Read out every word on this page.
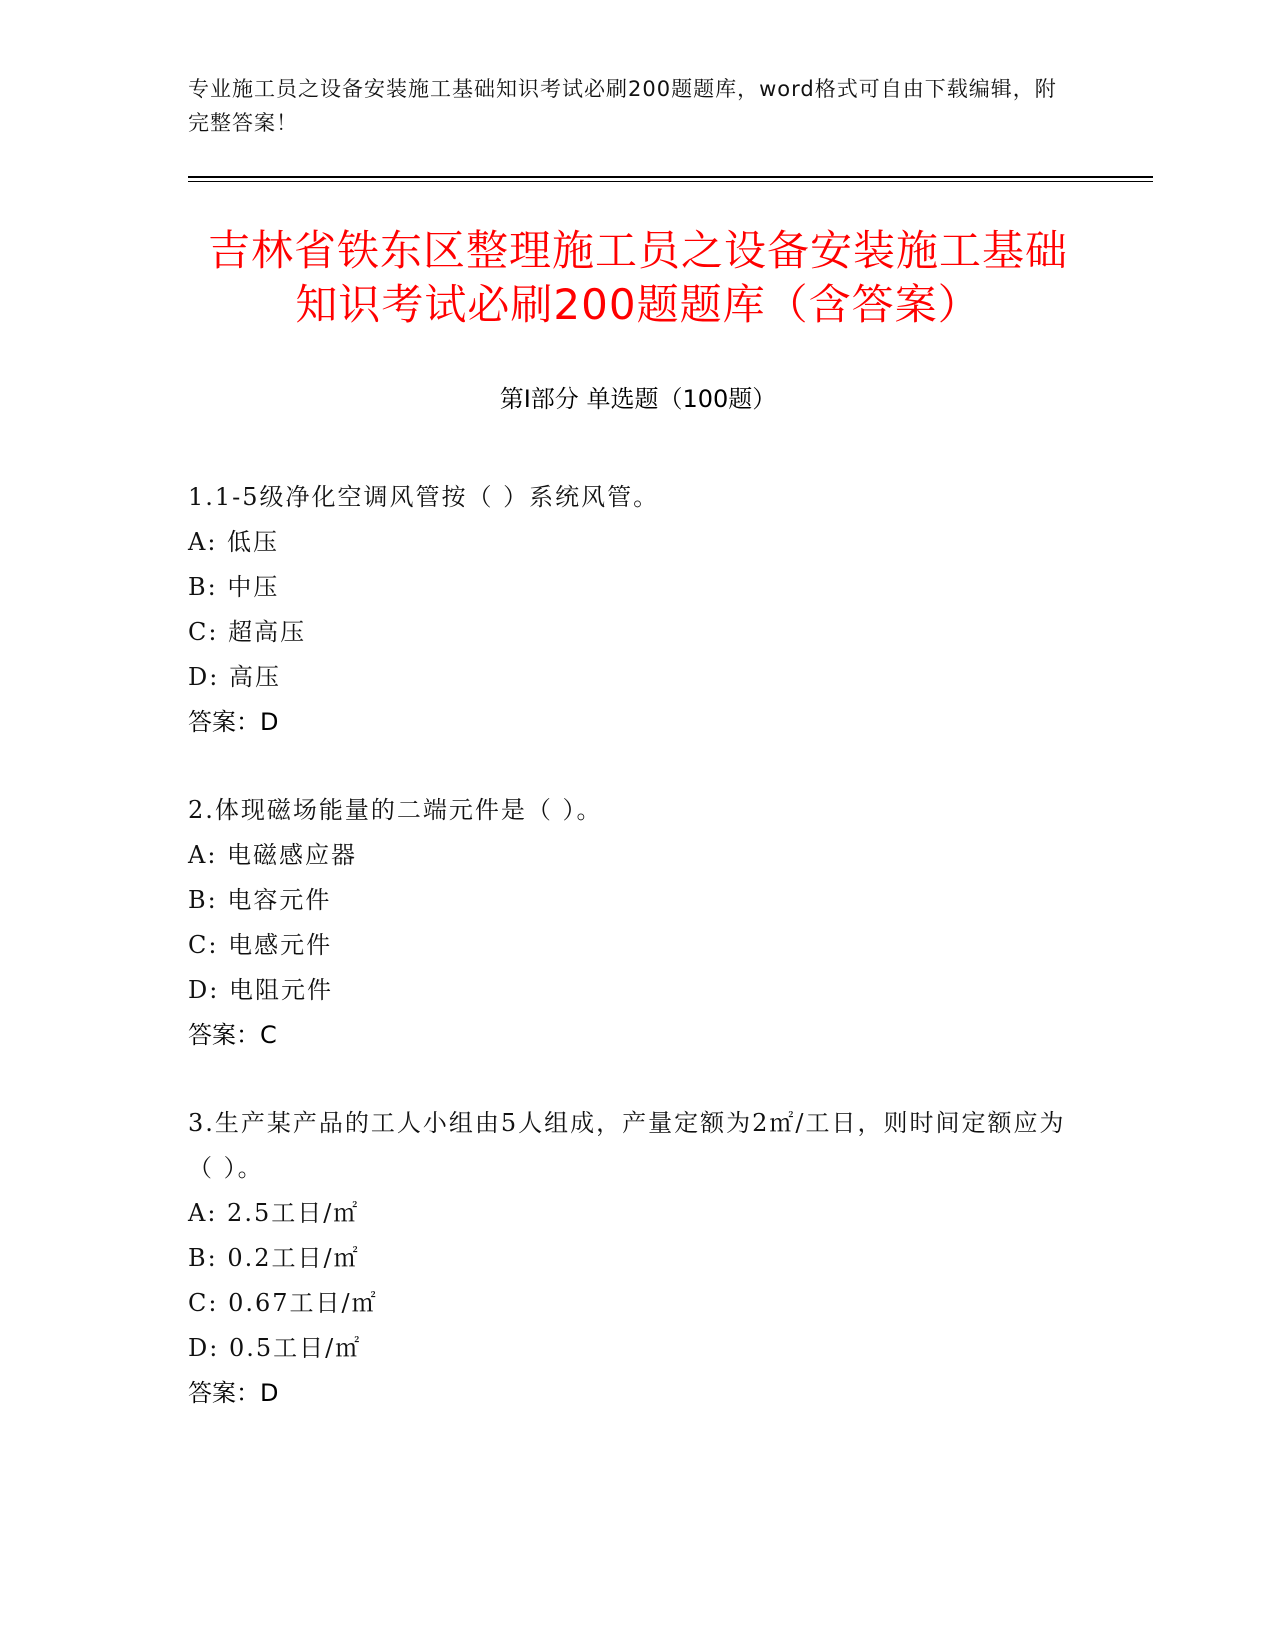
专业施工员之设备安装施工基础知识考试必刷200题题库，word格式可自由下载编辑，附完整答案！
吉林省铁东区整理施工员之设备安装施工基础知识考试必刷200题题库（含答案）
第Ⅰ部分 单选题（100题）
1.1-5级净化空调风管按（ ）系统风管。
A: 低压
B: 中压
C: 超高压
D: 高压
答案：D
2.体现磁场能量的二端元件是（ ）。
A: 电磁感应器
B: 电容元件
C: 电感元件
D: 电阻元件
答案：C
3.生产某产品的工人小组由5人组成，产量定额为2㎡/工日，则时间定额应为（ ）。
A: 2.5工日/㎡
B: 0.2工日/㎡
C: 0.67工日/㎡
D: 0.5工日/㎡
答案：D
